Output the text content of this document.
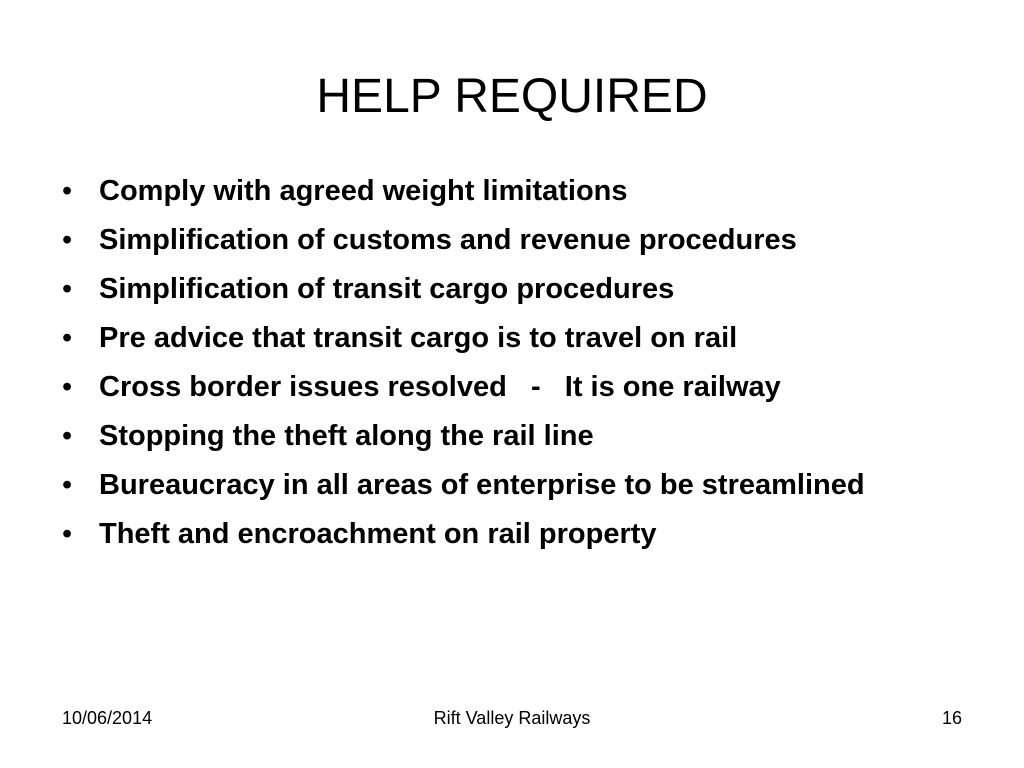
HELP REQUIRED
• Comply with agreed weight limitations
• Simplification of customs and revenue procedures
• Simplification of transit cargo procedures
• Pre advice that transit cargo is to travel on rail
• Cross border issues resolved   -   It is one railway
• Stopping the theft along the rail line
• Bureaucracy in all areas of enterprise to be streamlined
• Theft and encroachment on rail property
10/06/2014	Rift Valley Railways	16
